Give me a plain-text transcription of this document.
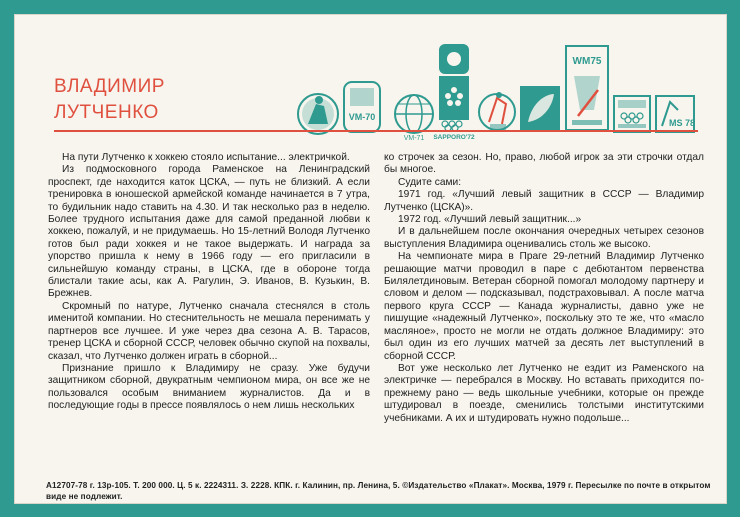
ВЛАДИМИР
ЛУТЧЕНКО	VM-70
VM-71 SAPPORO'72
WM75
MS 78

На пути Лутченко к хоккею стояло испытание... электричкой.

Из подмосковного города Раменское на Ленинградский проспект, где находится каток ЦСКА, — путь не близкий. А если тренировка в юношеской армейской команде начинается в 7 утра, то будильник надо ставить на 4.30. И так несколько раз в неделю. Более трудного испытания даже для самой преданной любви к хоккею, пожалуй, и не придумаешь. Но 15-летний Володя Лутченко готов был ради хоккея и не такое выдержать. И награда за упорство пришла к нему в 1966 году — его пригласили в сильнейшую команду страны, в ЦСКА, где в обороне тогда блистали такие асы, как А. Рагулин, Э. Иванов, В. Кузькин, В. Брежнев.

Скромный по натуре, Лутченко сначала стеснялся в столь именитой компании. Но стеснительность не мешала перенимать у партнеров все лучшее. И уже через два сезона А. В. Тарасов, тренер ЦСКА и сборной СССР, человек обычно скупой на похвалы, сказал, что Лутченко должен играть в сборной...

Признание пришло к Владимиру не сразу. Уже будучи защитником сборной, двукратным чемпионом мира, он все же не пользовался особым вниманием журналистов. Да и в последующие годы в прессе появлялось о нем лишь нескольких

ко строчек за сезон. Но, право, любой игрок за эти строчки отдал бы многое.

Судите сами:

1971 год. «Лучший левый защитник в СССР — Владимир Лутченко (ЦСКА)».

1972 год. «Лучший левый защитник...»

И в дальнейшем после окончания очередных четырех сезонов выступления Владимира оценивались столь же высоко.

На чемпионате мира в Праге 29-летний Владимир Лутченко решающие матчи проводил в паре с дебютантом первенства Билялетдиновым. Ветеран сборной помогал молодому партнеру и словом и делом — подсказывал, подстраховывал. А после матча первого круга СССР — Канада журналисты, давно уже не пишущие «надежный Лутченко», поскольку это те же, что «масло масляное», просто не могли не отдать должное Владимиру: это был один из его лучших матчей за десять лет выступлений в сборной СССР.

Вот уже несколько лет Лутченко не ездит из Раменского на электричке — перебрался в Москву. Но вставать приходится по-прежнему рано — ведь школьные учебники, которые он прежде штудировал в поезде, сменились толстыми институтскими учебниками. А их и штудировать нужно подольше...

А12707-78 г. 13р-105. Т. 200 000. Ц. 5 к. 2224311. З. 2228. КПК. г. Калинин, пр. Ленина, 5. ©Издательство «Плакат». Москва, 1979 г. Пересылке по почте в открытом виде не подлежит.
